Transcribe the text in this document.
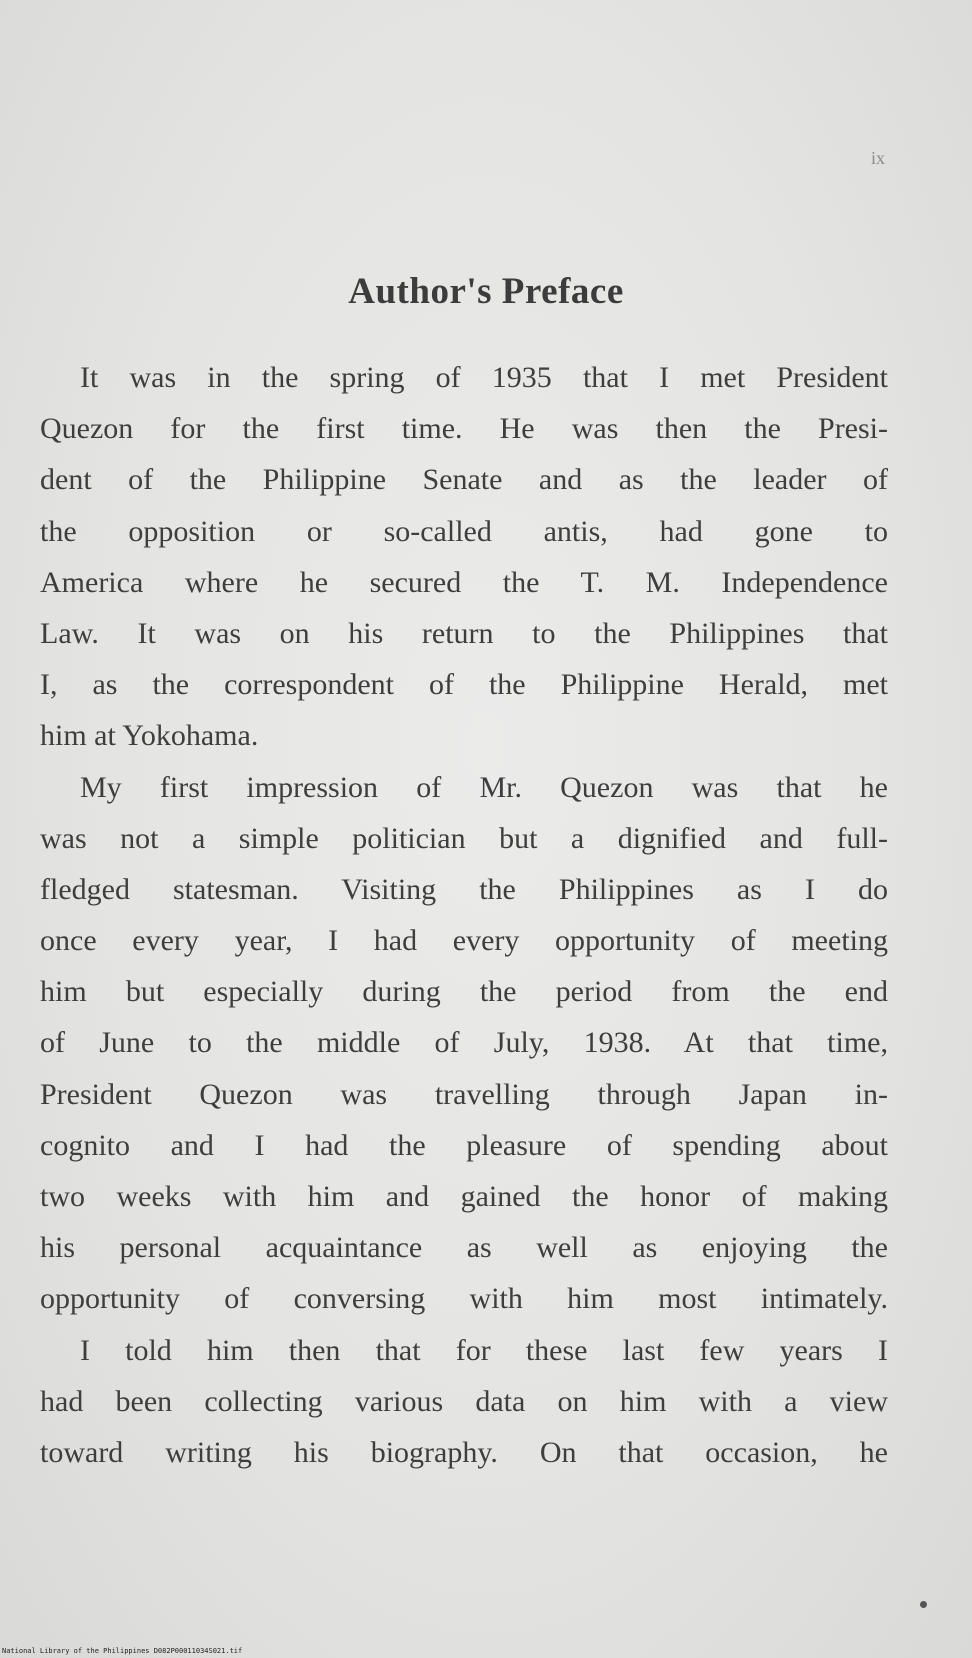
ix
Author's Preface
It was in the spring of 1935 that I met President
Quezon for the first time. He was then the Presi-
dent of the Philippine Senate and as the leader of
the opposition or so-called antis, had gone to
America where he secured the T. M. Independence
Law. It was on his return to the Philippines that
I, as the correspondent of the Philippine Herald, met
him at Yokohama.
My first impression of Mr. Quezon was that he
was not a simple politician but a dignified and full-
fledged statesman. Visiting the Philippines as I do
once every year, I had every opportunity of meeting
him but especially during the period from the end
of June to the middle of July, 1938. At that time,
President Quezon was travelling through Japan in-
cognito and I had the pleasure of spending about
two weeks with him and gained the honor of making
his personal acquaintance as well as enjoying the
opportunity of conversing with him most intimately.
I told him then that for these last few years I
had been collecting various data on him with a view
toward writing his biography. On that occasion, he
National Library of the Philippines D082P00011034S021.tif
